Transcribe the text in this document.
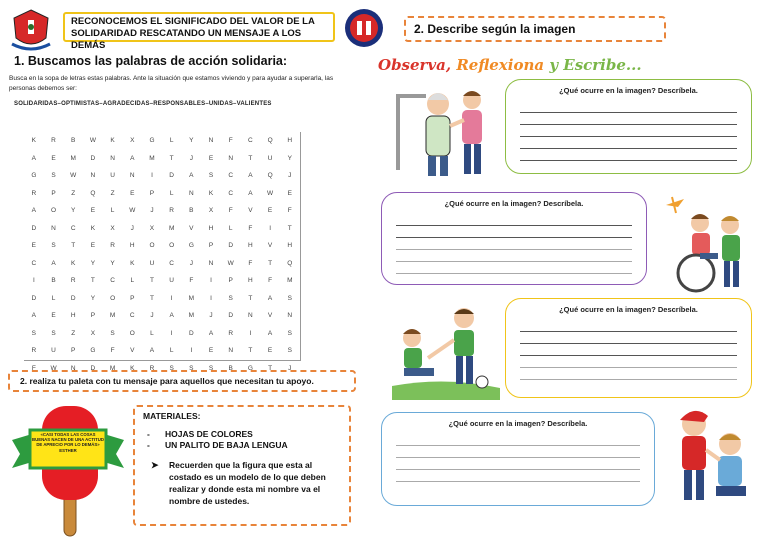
RECONOCEMOS EL SIGNIFICADO DEL VALOR DE LA SOLIDARIDAD RESCATANDO UN MENSAJE A LOS DEMÁS
2. Describe según la imagen
1. Buscamos las palabras de acción solidaria:
Busca en la sopa de letras estas palabras. Ante la situación que estamos viviendo y para ayudar a superarla, las personas debemos ser:
SOLIDARIDAS–OPTIMISTAS–AGRADECIDAS–RESPONSABLES–UNIDAS–VALIENTES
K	R	B	W	K	X	G	L	Y	N	F	C	Q	H
A	E	M	D	N	A	M	T	J	E	N	T	U	Y
G	S	W	N	U	N	I	D	A	S	C	A	Q	J
R	P	Z	Q	Z	E	P	L	N	K	C	A	W	E
A	O	Y	E	L	W	J	R	B	X	F	V	E	F
D	N	C	K	X	J	X	M	V	H	L	F	I	T
E	S	T	E	R	H	O	O	G	P	D	H	V	H
C	A	K	Y	Y	K	U	C	J	N	W	F	T	Q
I	B	R	T	C	L	T	U	F	I	P	H	F	M
D	L	D	Y	O	P	T	I	M	I	S	T	A	S
A	E	H	P	M	C	J	A	M	J	D	N	V	N
S	S	Z	X	S	O	L	I	D	A	R	I	A	S
R	U	P	G	F	V	A	L	I	E	N	T	E	S
F	W	N	D	M	K	R	S	S	S	B	G	T	J
2. realiza tu paleta con tu mensaje para aquellos que necesitan tu apoyo.
«CASI TODAS LAS COSAS BUENAS NACEN DE UNA ACTITUD DE APRECIO POR LO DEMÁS» ESTHER
MATERIALES:
- HOJAS DE COLORES
- UN PALITO DE BAJA LENGUA
➤ Recuerden que la figura que esta al costado es un modelo de lo que deben realizar y donde esta mi nombre va el nombre de ustedes.
Observa, Reflexiona y Escribe...
¿Qué ocurre en la imagen? Descríbela.
¿Qué ocurre en la imagen? Descríbela.
¿Qué ocurre en la imagen? Descríbela.
¿Qué ocurre en la imagen? Descríbela.
